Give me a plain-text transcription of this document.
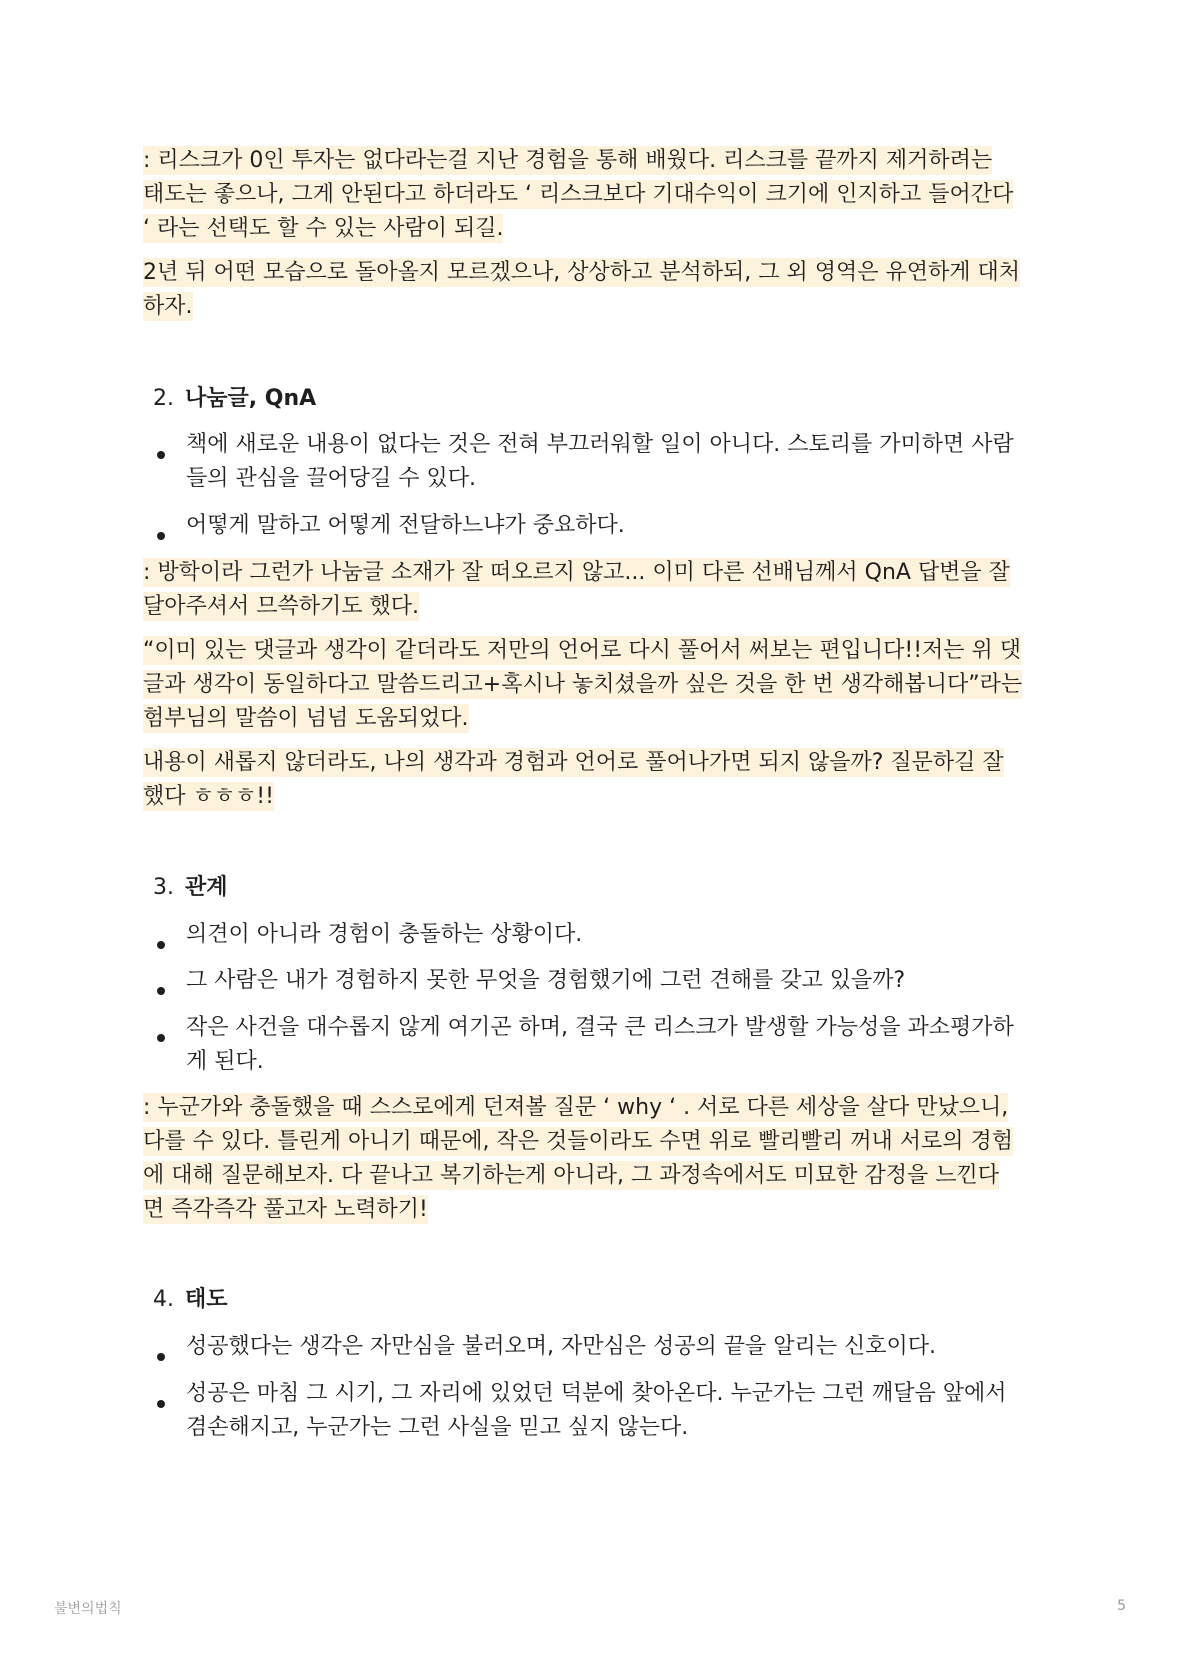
: 리스크가 0인 투자는 없다라는걸 지난 경험을 통해 배웠다. 리스크를 끝까지 제거하려는
태도는 좋으나, 그게 안된다고 하더라도 ‘ 리스크보다 기대수익이 크기에 인지하고 들어간다
‘ 라는 선택도 할 수 있는 사람이 되길.
2년 뒤 어떤 모습으로 돌아올지 모르겠으나, 상상하고 분석하되, 그 외 영역은 유연하게 대처
하자.
2. 나눔글, QnA
책에 새로운 내용이 없다는 것은 전혀 부끄러워할 일이 아니다. 스토리를 가미하면 사람
들의 관심을 끌어당길 수 있다.
어떻게 말하고 어떻게 전달하느냐가 중요하다.
: 방학이라 그런가 나눔글 소재가 잘 떠오르지 않고... 이미 다른 선배님께서 QnA 답변을 잘
달아주셔서 므쓱하기도 했다.
“이미 있는 댓글과 생각이 같더라도 저만의 언어로 다시 풀어서 써보는 편입니다!!저는 위 댓
글과 생각이 동일하다고 말씀드리고+혹시나 놓치셨을까 싶은 것을 한 번 생각해봅니다”라는
험부님의 말씀이 넘넘 도움되었다.
내용이 새롭지 않더라도, 나의 생각과 경험과 언어로 풀어나가면 되지 않을까? 질문하길 잘
했다 ㅎㅎㅎ!!
3. 관계
의견이 아니라 경험이 충돌하는 상황이다.
그 사람은 내가 경험하지 못한 무엇을 경험했기에 그런 견해를 갖고 있을까?
작은 사건을 대수롭지 않게 여기곤 하며, 결국 큰 리스크가 발생할 가능성을 과소평가하
게 된다.
: 누군가와 충돌했을 때 스스로에게 던져볼 질문 ‘ why ‘ . 서로 다른 세상을 살다 만났으니,
다를 수 있다. 틀린게 아니기 때문에, 작은 것들이라도 수면 위로 빨리빨리 꺼내 서로의 경험
에 대해 질문해보자. 다 끝나고 복기하는게 아니라, 그 과정속에서도 미묘한 감정을 느낀다
면 즉각즉각 풀고자 노력하기!
4. 태도
성공했다는 생각은 자만심을 불러오며, 자만심은 성공의 끝을 알리는 신호이다.
성공은 마침 그 시기, 그 자리에 있었던 덕분에 찾아온다. 누군가는 그런 깨달음 앞에서
겸손해지고, 누군가는 그런 사실을 믿고 싶지 않는다.
불변의법칙	5
